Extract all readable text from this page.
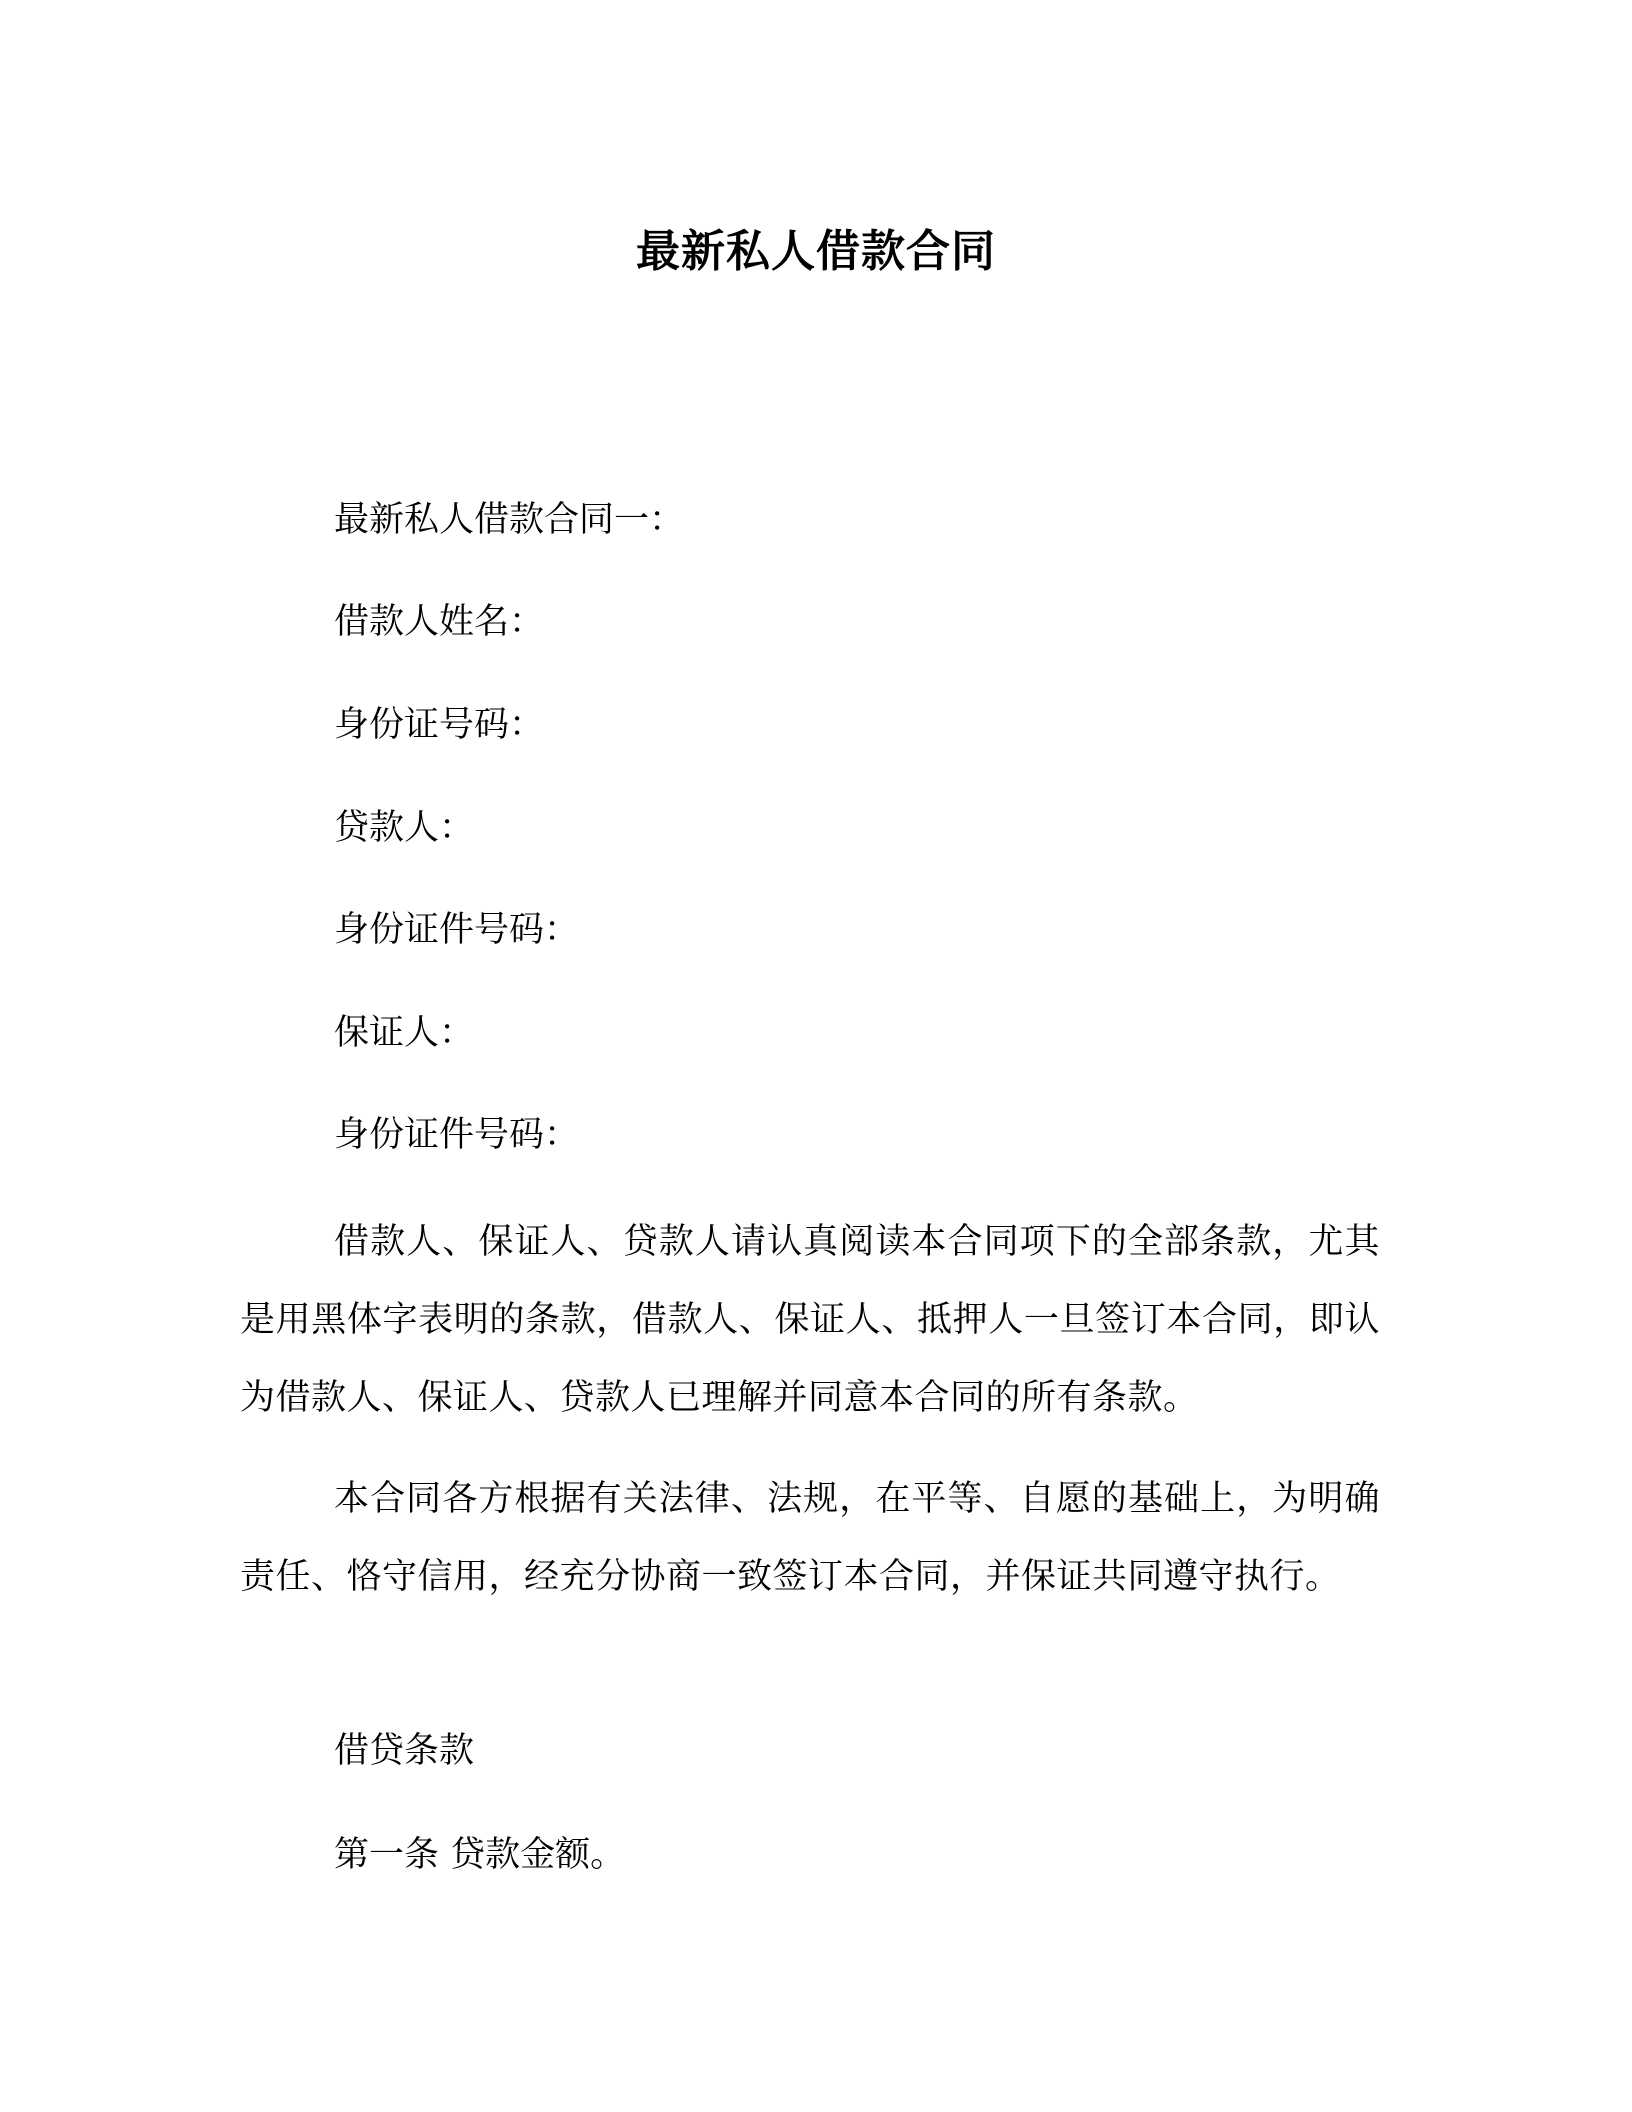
最新私人借款合同

最新私人借款合同一：

借款人姓名：

身份证号码：

贷款人：

身份证件号码：

保证人：

身份证件号码：

借款人、保证人、贷款人请认真阅读本合同项下的全部条款，尤其是用黑体字表明的条款，借款人、保证人、抵押人一旦签订本合同，即认为借款人、保证人、贷款人已理解并同意本合同的所有条款。

本合同各方根据有关法律、法规，在平等、自愿的基础上，为明确责任、恪守信用，经充分协商一致签订本合同，并保证共同遵守执行。

借贷条款

第一条 贷款金额。
